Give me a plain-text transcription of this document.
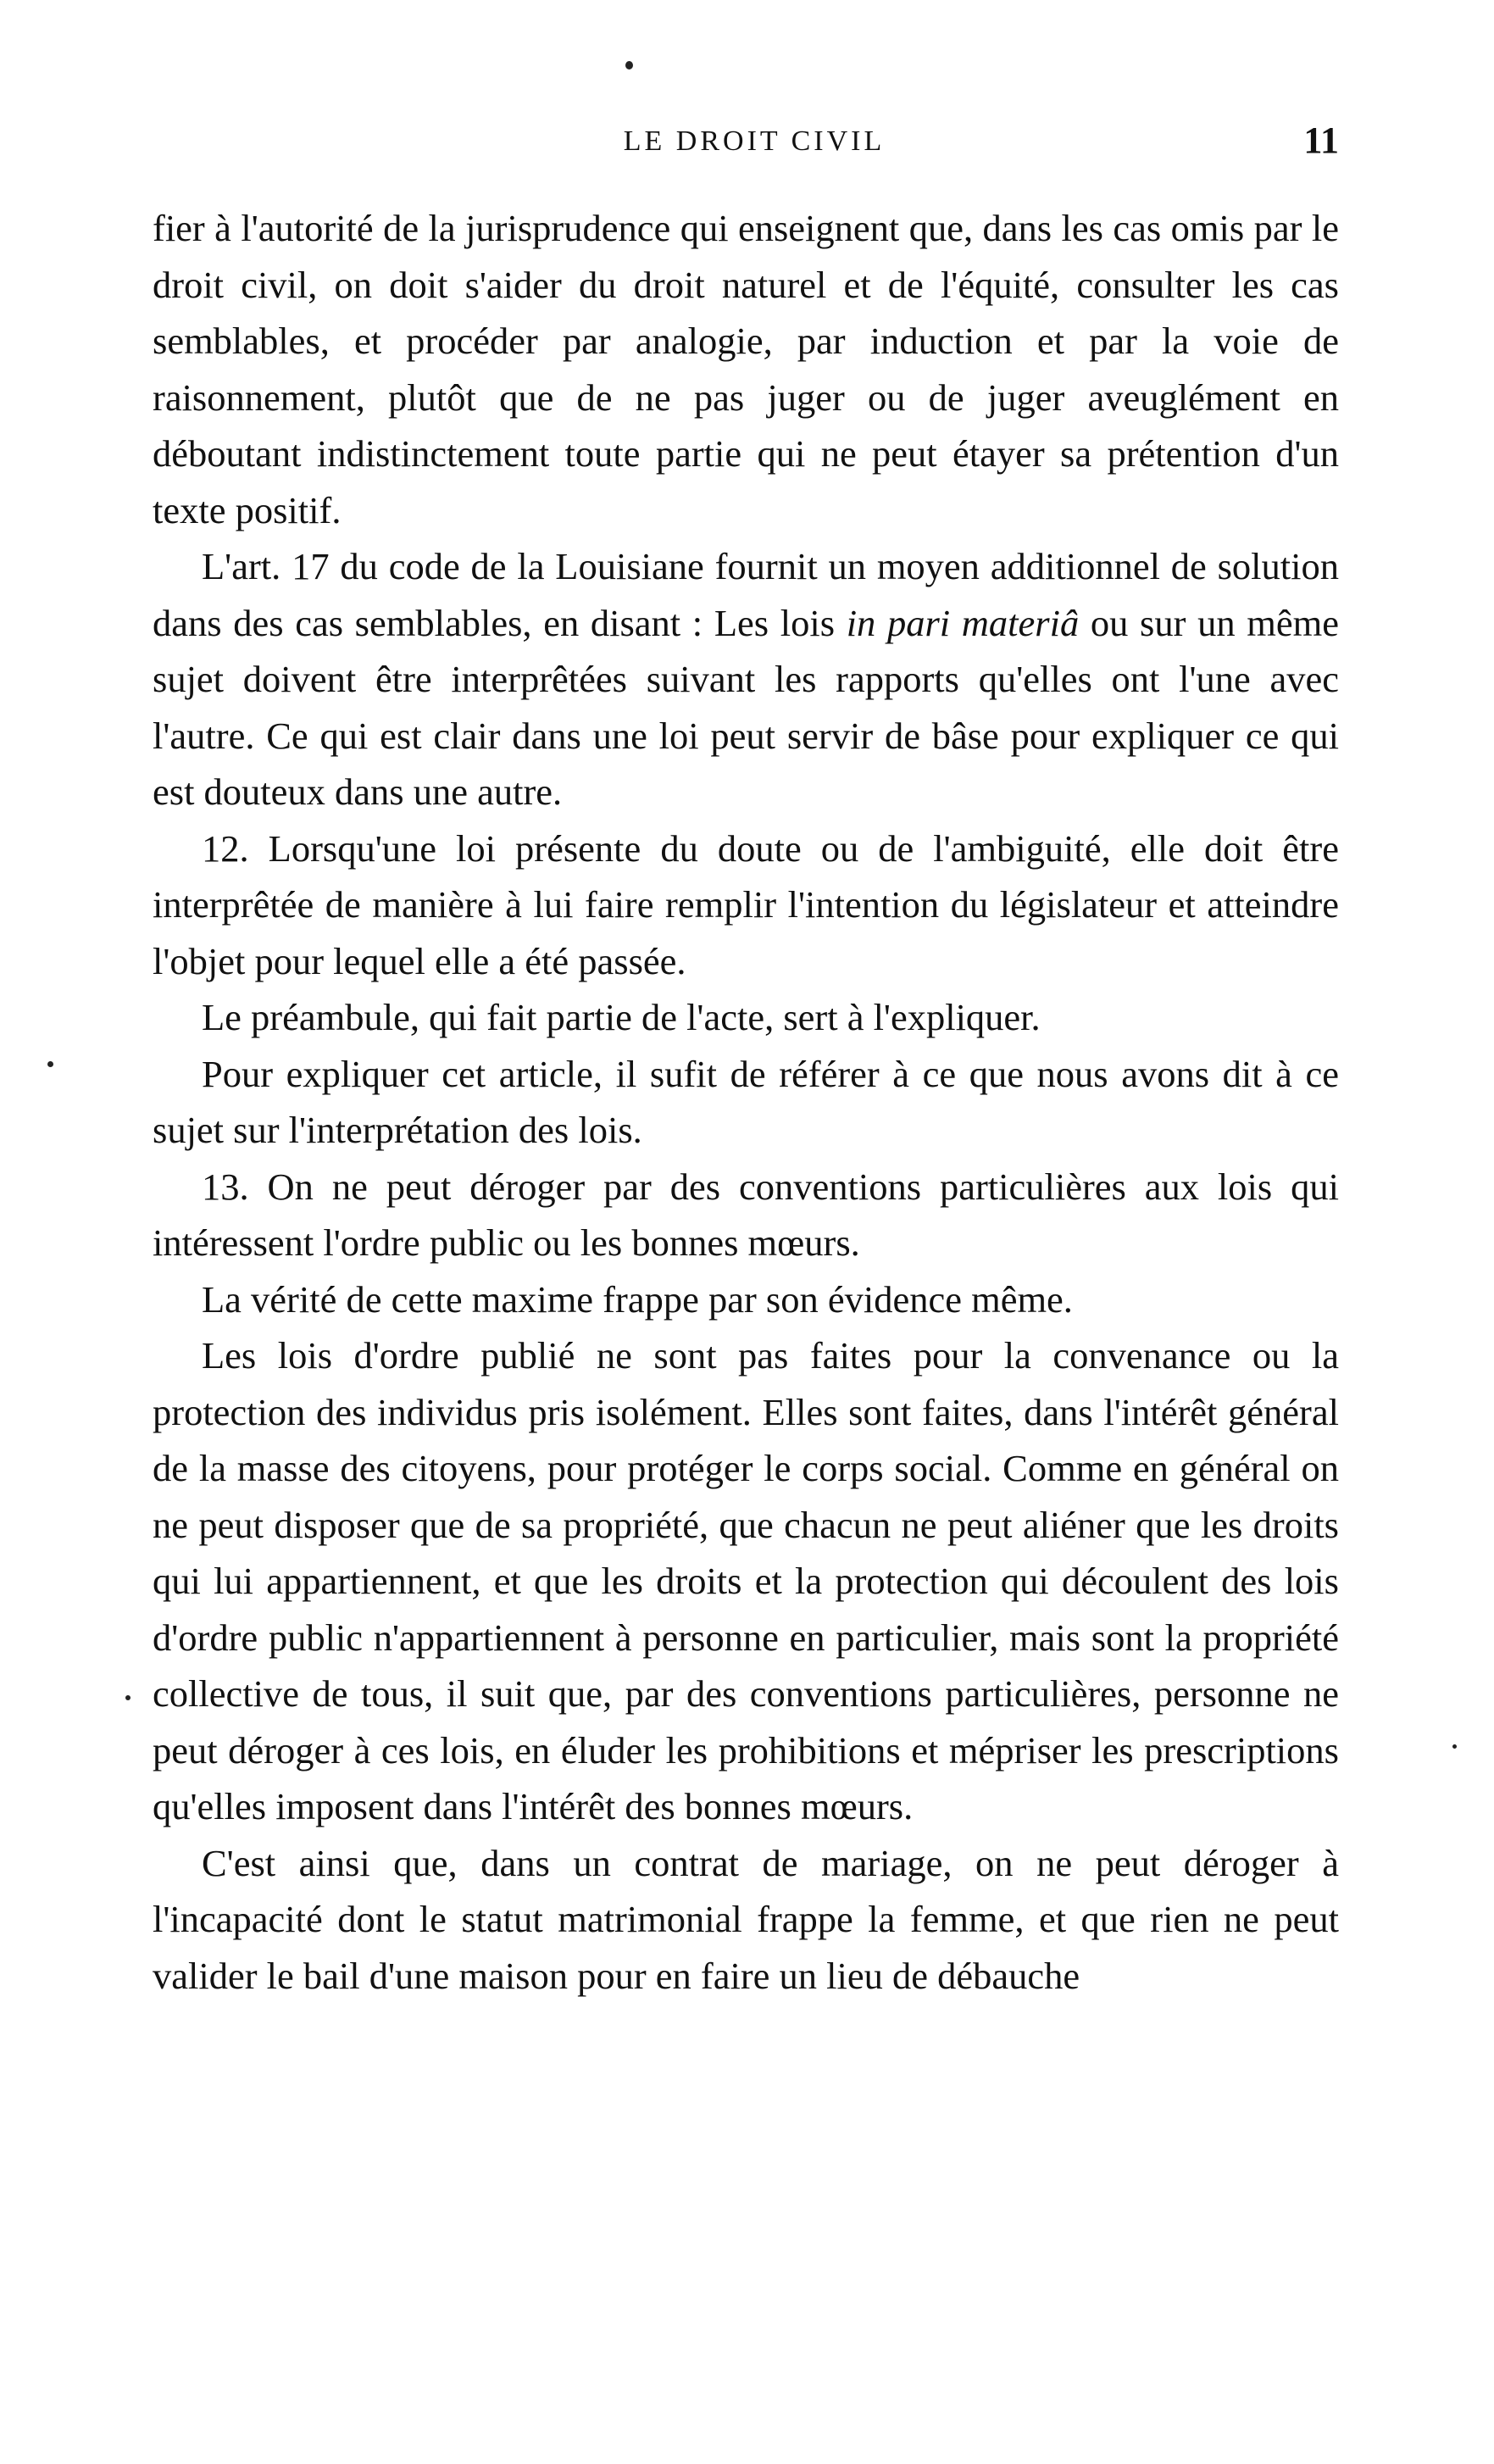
LE DROIT CIVIL	11

fier à l'autorité de la jurisprudence qui enseignent que, dans les cas omis par le droit civil, on doit s'aider du droit naturel et de l'équité, consulter les cas semblables, et procéder par analogie, par induction et par la voie de raisonnement, plutôt que de ne pas juger ou de juger aveuglément en déboutant indistinctement toute partie qui ne peut étayer sa prétention d'un texte positif.

L'art. 17 du code de la Louisiane fournit un moyen additionnel de solution dans des cas semblables, en disant : Les lois in pari materiâ ou sur un même sujet doivent être interprêtées suivant les rapports qu'elles ont l'une avec l'autre. Ce qui est clair dans une loi peut servir de bâse pour expliquer ce qui est douteux dans une autre.

12. Lorsqu'une loi présente du doute ou de l'ambiguité, elle doit être interprêtée de manière à lui faire remplir l'intention du législateur et atteindre l'objet pour lequel elle a été passée.

Le préambule, qui fait partie de l'acte, sert à l'expliquer.

Pour expliquer cet article, il sufit de référer à ce que nous avons dit à ce sujet sur l'interprétation des lois.

13. On ne peut déroger par des conventions particulières aux lois qui intéressent l'ordre public ou les bonnes mœurs.

La vérité de cette maxime frappe par son évidence même.

Les lois d'ordre publié ne sont pas faites pour la convenance ou la protection des individus pris isolément. Elles sont faites, dans l'intérêt général de la masse des citoyens, pour protéger le corps social. Comme en général on ne peut disposer que de sa propriété, que chacun ne peut aliéner que les droits qui lui appartiennent, et que les droits et la protection qui découlent des lois d'ordre public n'appartiennent à personne en particulier, mais sont la propriété collective de tous, il suit que, par des conventions particulières, personne ne peut déroger à ces lois, en éluder les prohibitions et mépriser les prescriptions qu'elles imposent dans l'intérêt des bonnes mœurs.

C'est ainsi que, dans un contrat de mariage, on ne peut déroger à l'incapacité dont le statut matrimonial frappe la femme, et que rien ne peut valider le bail d'une maison pour en faire un lieu de débauche
